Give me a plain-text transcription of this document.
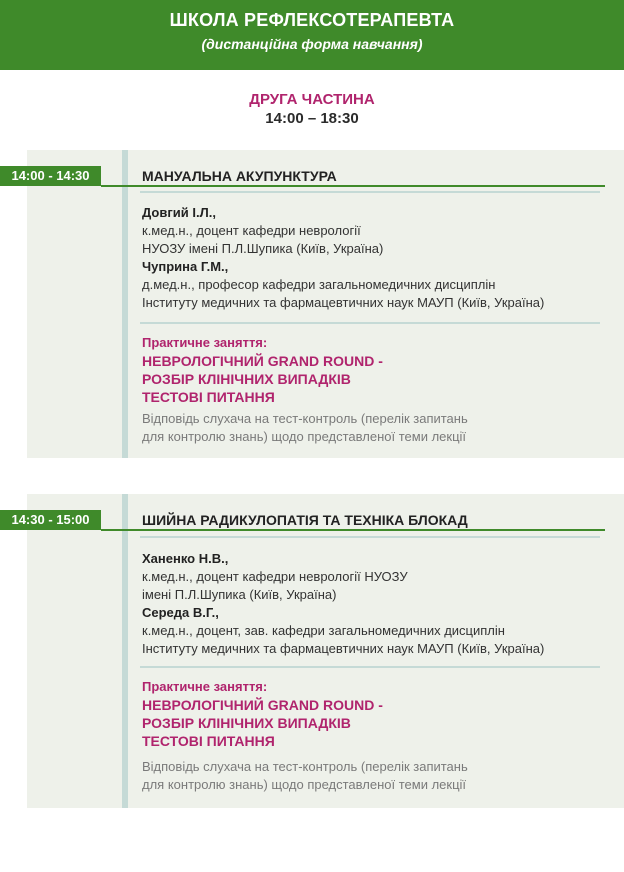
ШКОЛА РЕФЛЕКСОТЕРАПЕВТА
(дистанційна форма навчання)
ДРУГА ЧАСТИНА
14:00 – 18:30
14:00 - 14:30	МАНУАЛЬНА АКУПУНКТУРА
Довгий І.Л.,
к.мед.н., доцент кафедри неврології
НУОЗУ імені П.Л.Шупика (Київ, Україна)
Чуприна Г.М.,
д.мед.н., професор кафедри загальномедичних дисциплін
Інституту медичних та фармацевтичних наук МАУП (Київ, Україна)
Практичне заняття:
НЕВРОЛОГІЧНИЙ GRAND ROUND -
РОЗБІР КЛІНІЧНИХ ВИПАДКІВ
ТЕСТОВІ ПИТАННЯ
Відповідь слухача на тест-контроль (перелік запитань
для контролю знань) щодо представленої теми лекції
14:30 - 15:00	ШИЙНА РАДИКУЛОПАТІЯ ТА ТЕХНІКА БЛОКАД
Ханенко Н.В.,
к.мед.н., доцент кафедри неврології НУОЗУ
імені П.Л.Шупика (Київ, Україна)
Середа В.Г.,
к.мед.н., доцент, зав. кафедри загальномедичних дисциплін
Інституту медичних та фармацевтичних наук МАУП (Київ, Україна)
Практичне заняття:
НЕВРОЛОГІЧНИЙ GRAND ROUND -
РОЗБІР КЛІНІЧНИХ ВИПАДКІВ
ТЕСТОВІ ПИТАННЯ
Відповідь слухача на тест-контроль (перелік запитань
для контролю знань) щодо представленої теми лекції
